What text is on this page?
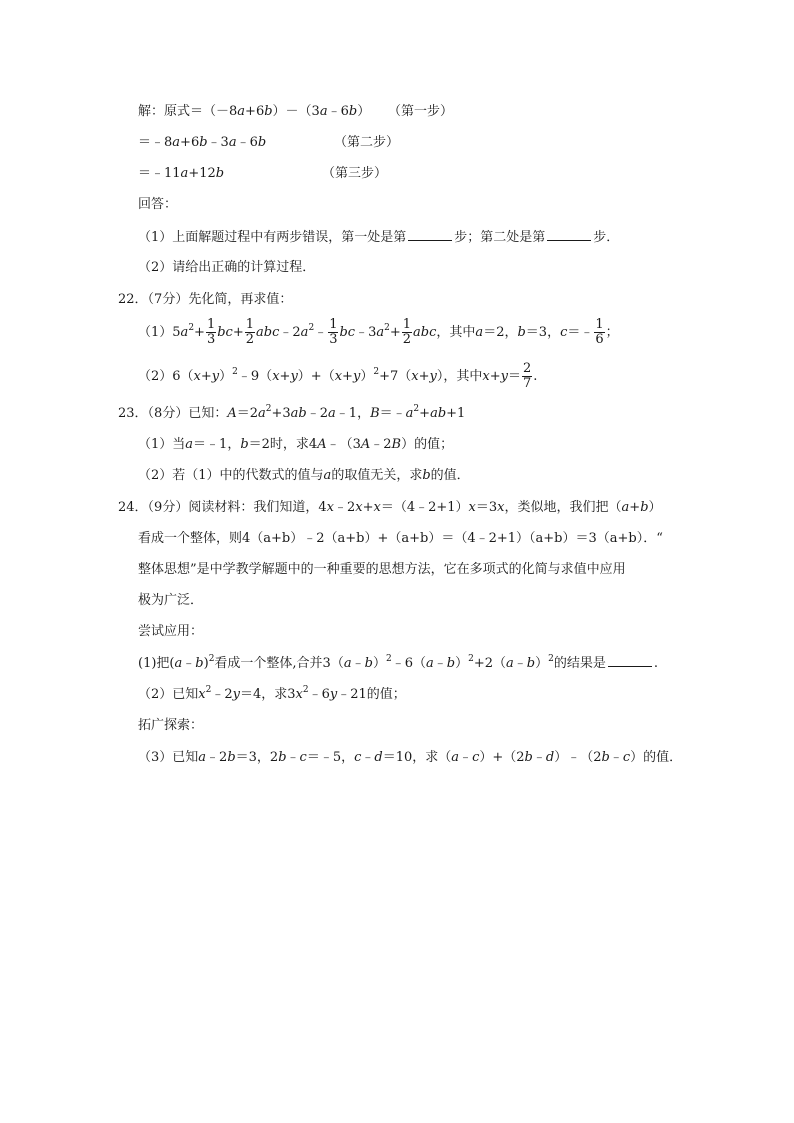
解：原式＝（－8a+6b）－（3a﹣6b） （第一步）
＝﹣8a+6b﹣3a﹣6b	（第二步）
＝﹣11a+12b	（第三步）
回答：
（1）上面解题过程中有两步错误，第一处是第	步；第二处是第	步．
（2）请给出正确的计算过程．
22．（7分）先化简，再求值：
$(1)5a^2+ \frac{1}{3} bc+ \frac{1}{2}$ $abc﹣2a^2﹣ \frac{1}{3}$ $bc﹣3a^2+ \frac{1}{2}$ abc，其中a＝2，b＝3，c＝﹣ $\frac{1}{6}$ ；
$(2)6(x+y)^2﹣9(x+y)+(x+y)^2+7(x+y)$，其中$x+y= \frac{2}{7}$ .
23．（8分）已知：$A=2a^2+3ab﹣2a﹣1$，$B=﹣a^2+ab+1$
（1）当a＝﹣1，b＝2时，求4A﹣（3A﹣2B）的值；
（2）若（1）中的代数式的值与a的取值无关，求b的值．
24．（9分）阅读材料：我们知道，4x﹣2x+x＝（4﹣2+1）x＝3x，类似地，我们把（a+b）
看成一个整体，则4（a+b）﹣2（a+b）+（a+b）＝（4﹣2+1）（a+b）＝3（a+b）．“
整体思想”是中学教学解题中的一种重要的思想方法，它在多项式的化简与求值中应用
极为广泛．
尝试应用：
(1)把(a﹣b)$^2$看成一个整体,合并3（a﹣b）$^2$﹣6（a﹣b）$^2$+2（a﹣b）$^2$的结果是	.
（2）已知$x^2﹣2y=4$，求$3x^2﹣6y﹣21$的值；
拓广探索：
（3）已知a﹣2b＝3，2b﹣c＝﹣5，c﹣d＝10，求（a﹣c）+（2b﹣d）﹣（2b﹣c）的值．
